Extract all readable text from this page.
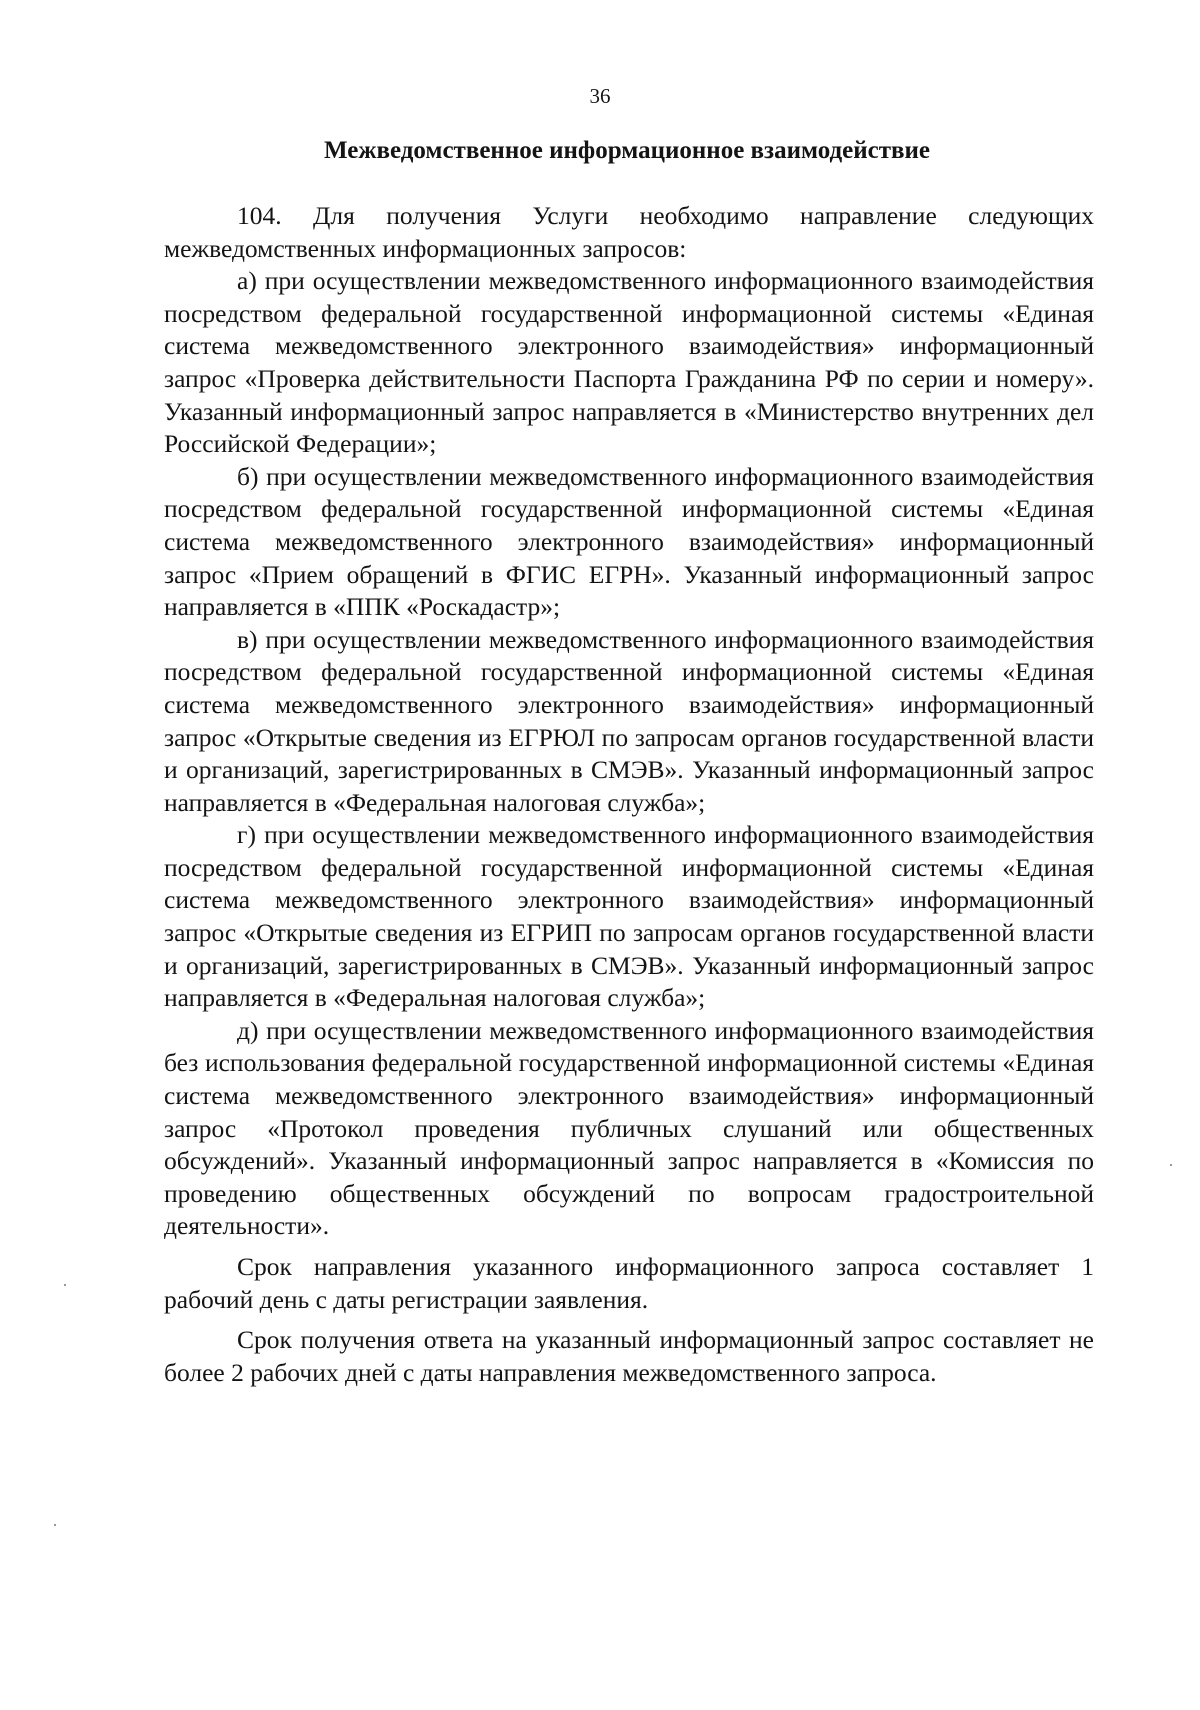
36
Межведомственное информационное взаимодействие

104. Для получения Услуги необходимо направление следующих межведомственных информационных запросов:

а) при осуществлении межведомственного информационного взаимодействия посредством федеральной государственной информационной системы «Единая система межведомственного электронного взаимодействия» информационный запрос «Проверка действительности Паспорта Гражданина РФ по серии и номеру». Указанный информационный запрос направляется в «Министерство внутренних дел Российской Федерации»;

б) при осуществлении межведомственного информационного взаимодействия посредством федеральной государственной информационной системы «Единая система межведомственного электронного взаимодействия» информационный запрос «Прием обращений в ФГИС ЕГРН». Указанный информационный запрос направляется в «ППК «Роскадастр»;

в) при осуществлении межведомственного информационного взаимодействия посредством федеральной государственной информационной системы «Единая система межведомственного электронного взаимодействия» информационный запрос «Открытые сведения из ЕГРЮЛ по запросам органов государственной власти и организаций, зарегистрированных в СМЭВ». Указанный информационный запрос направляется в «Федеральная налоговая служба»;

г) при осуществлении межведомственного информационного взаимодействия посредством федеральной государственной информационной системы «Единая система межведомственного электронного взаимодействия» информационный запрос «Открытые сведения из ЕГРИП по запросам органов государственной власти и организаций, зарегистрированных в СМЭВ». Указанный информационный запрос направляется в «Федеральная налоговая служба»;

д) при осуществлении межведомственного информационного взаимодействия без использования федеральной государственной информационной системы «Единая система межведомственного электронного взаимодействия» информационный запрос «Протокол проведения публичных слушаний или общественных обсуждений». Указанный информационный запрос направляется в «Комиссия по проведению общественных обсуждений по вопросам градостроительной деятельности».

Срок направления указанного информационного запроса составляет 1 рабочий день с даты регистрации заявления.

Срок получения ответа на указанный информационный запрос составляет не более 2 рабочих дней с даты направления межведомственного запроса.
